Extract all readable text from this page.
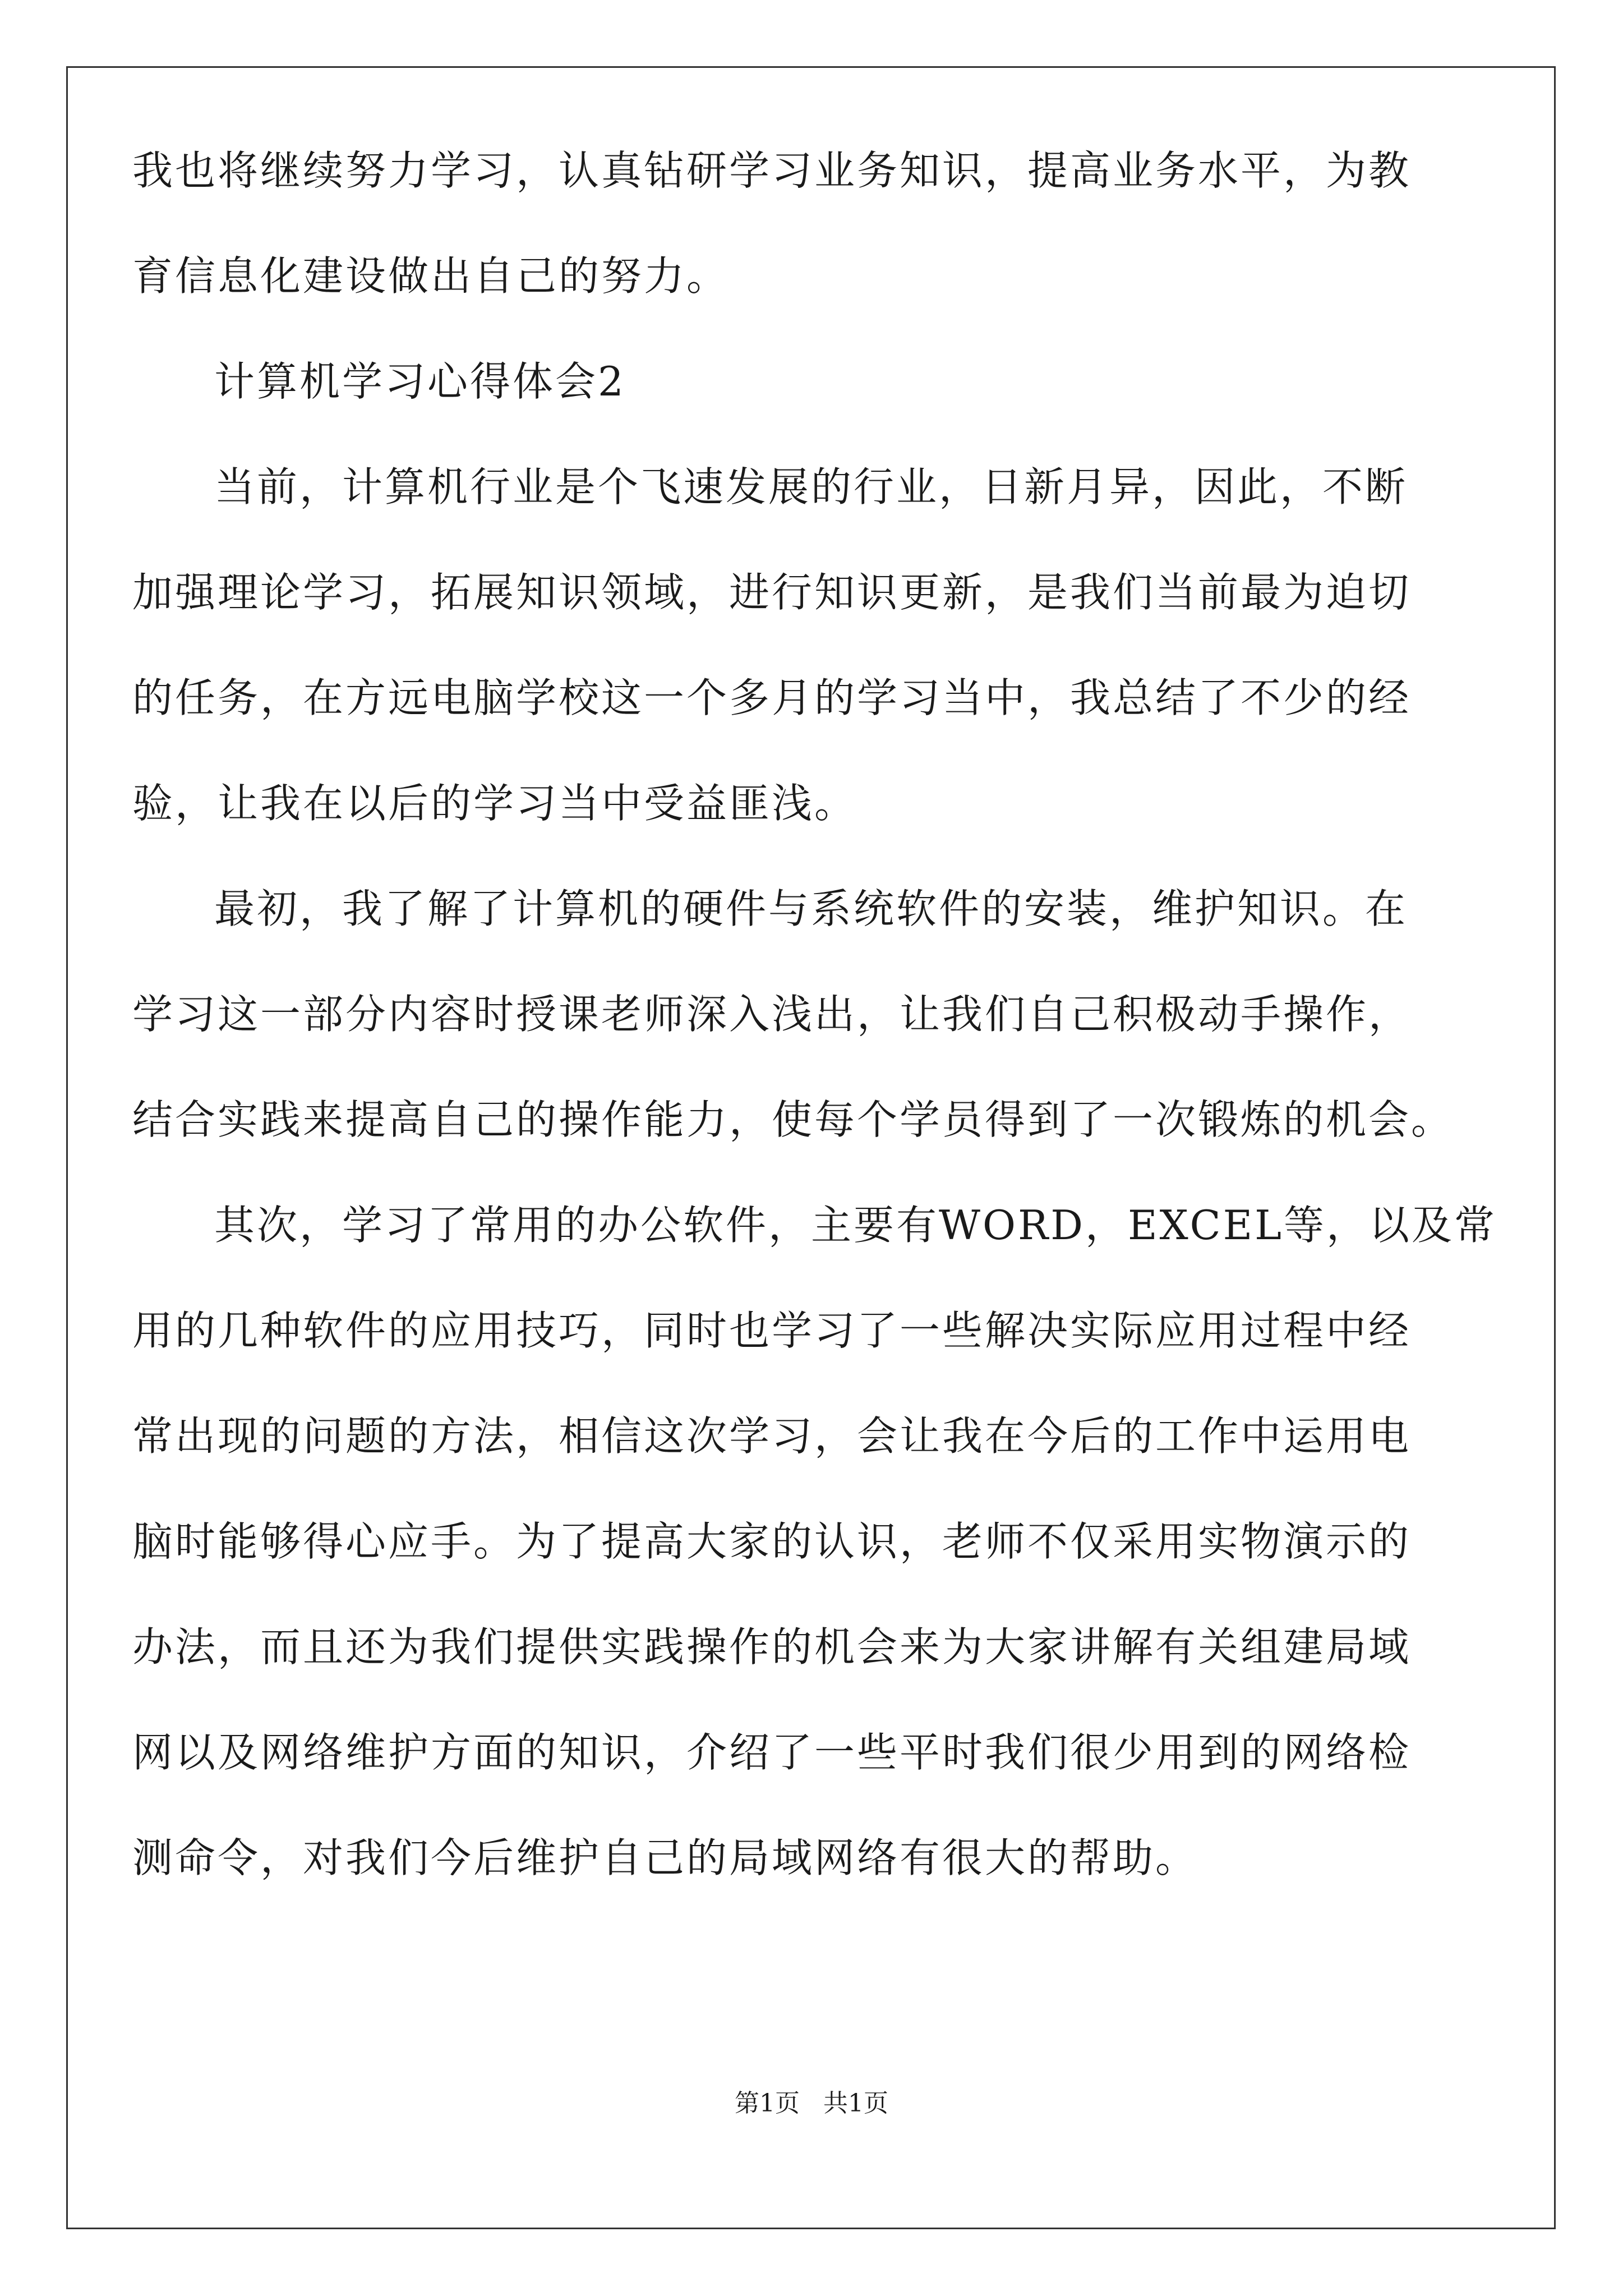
我也将继续努力学习，认真钻研学习业务知识，提高业务水平，为教
育信息化建设做出自己的努力。
计算机学习心得体会2
当前，计算机行业是个飞速发展的行业，日新月异，因此，不断
加强理论学习，拓展知识领域，进行知识更新，是我们当前最为迫切
的任务，在方远电脑学校这一个多月的学习当中，我总结了不少的经
验，让我在以后的学习当中受益匪浅。
最初，我了解了计算机的硬件与系统软件的安装，维护知识。在
学习这一部分内容时授课老师深入浅出，让我们自己积极动手操作，
结合实践来提高自己的操作能力，使每个学员得到了一次锻炼的机会。
其次，学习了常用的办公软件，主要有WORD，EXCEL等，以及常
用的几种软件的应用技巧，同时也学习了一些解决实际应用过程中经
常出现的问题的方法，相信这次学习，会让我在今后的工作中运用电
脑时能够得心应手。为了提高大家的认识，老师不仅采用实物演示的
办法，而且还为我们提供实践操作的机会来为大家讲解有关组建局域
网以及网络维护方面的知识，介绍了一些平时我们很少用到的网络检
测命令，对我们今后维护自己的局域网络有很大的帮助。
第1页   共1页
